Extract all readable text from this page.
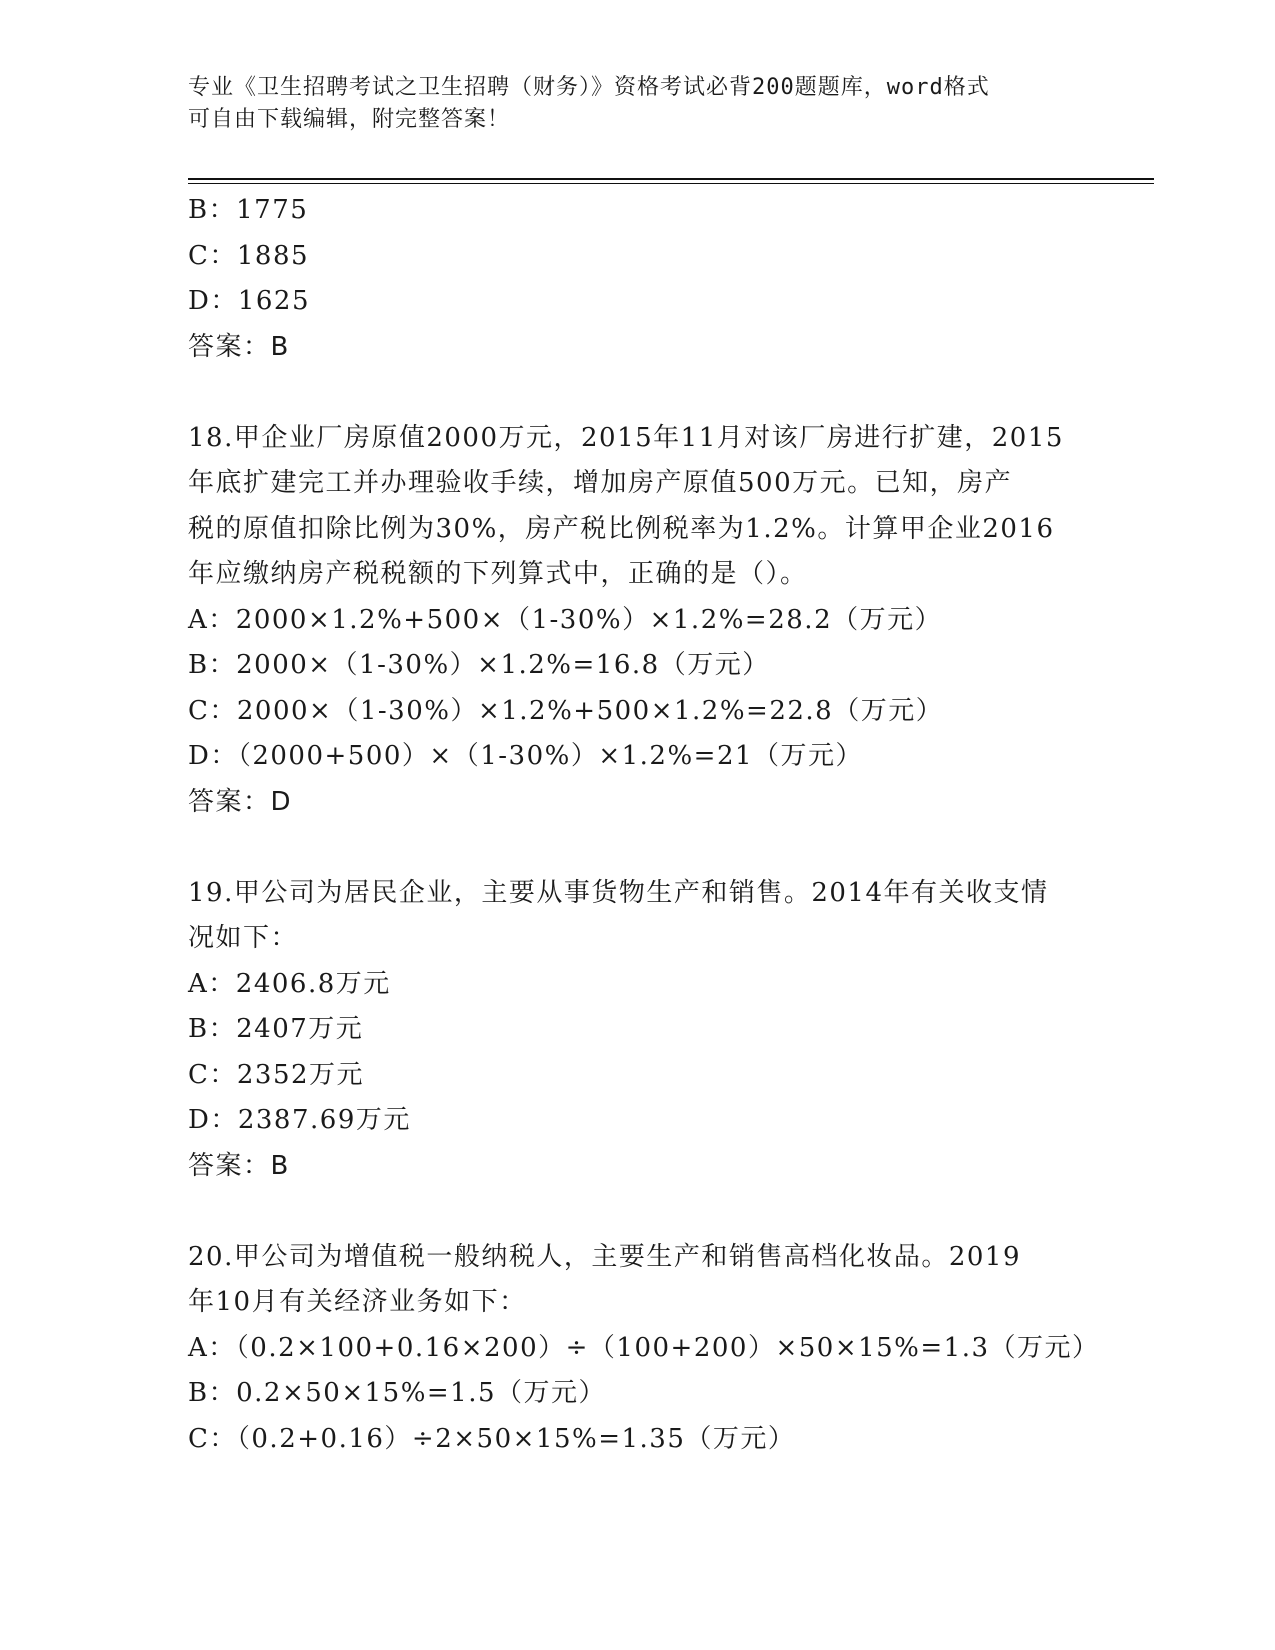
专业《卫生招聘考试之卫生招聘（财务）》资格考试必背200题题库，word格式
可自由下载编辑，附完整答案！
B：1775
C：1885
D：1625
答案：B
18.甲企业厂房原值2000万元，2015年11月对该厂房进行扩建，2015
年底扩建完工并办理验收手续，增加房产原值500万元。已知，房产
税的原值扣除比例为30%，房产税比例税率为1.2%。计算甲企业2016
年应缴纳房产税税额的下列算式中，正确的是（）。
A：2000×1.2%+500×（1-30%）×1.2%=28.2（万元）
B：2000×（1-30%）×1.2%=16.8（万元）
C：2000×（1-30%）×1.2%+500×1.2%=22.8（万元）
D：（2000+500）×（1-30%）×1.2%=21（万元）
答案：D
19.甲公司为居民企业，主要从事货物生产和销售。2014年有关收支情
况如下：
A：2406.8万元
B：2407万元
C：2352万元
D：2387.69万元
答案：B
20.甲公司为增值税一般纳税人，主要生产和销售高档化妆品。2019
年10月有关经济业务如下：
A：（0.2×100+0.16×200）÷（100+200）×50×15%=1.3（万元）
B：0.2×50×15%=1.5（万元）
C：（0.2+0.16）÷2×50×15%=1.35（万元）
